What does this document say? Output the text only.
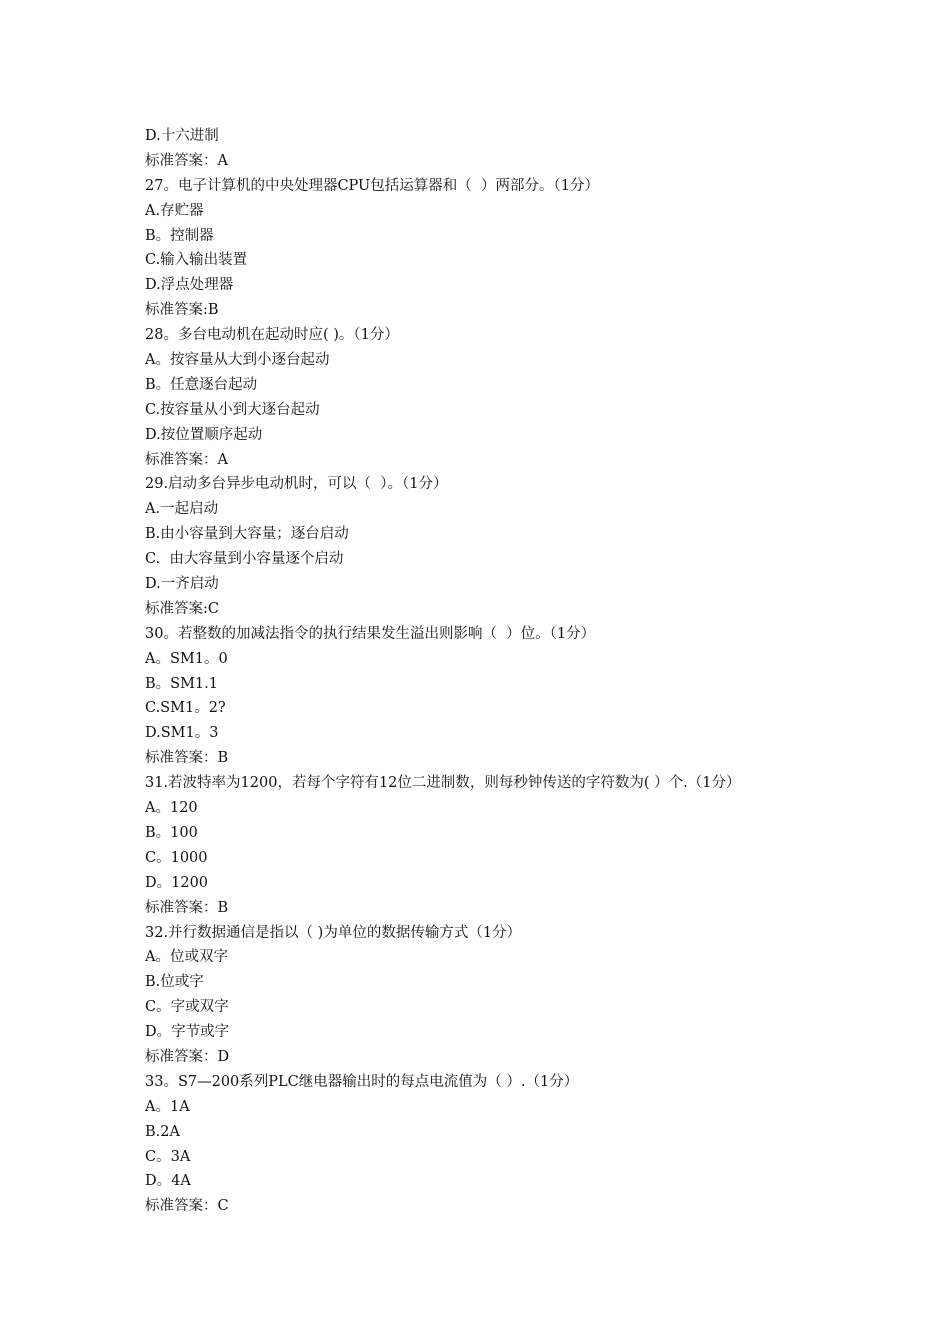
D.十六进制
标准答案：A
27。电子计算机的中央处理器CPU包括运算器和（  ）两部分。（1分）
A.存贮器
B。控制器
C.输入输出装置
D.浮点处理器
标准答案:B
28。多台电动机在起动时应( )。（1分）
A。按容量从大到小逐台起动
B。任意逐台起动
C.按容量从小到大逐台起动
D.按位置顺序起动
标准答案：A
29.启动多台异步电动机时，可以（  ）。（1分）
A.一起启动
B.由小容量到大容量；逐台启动
C.  由大容量到小容量逐个启动
D.一齐启动
标准答案:C
30。若整数的加减法指令的执行结果发生溢出则影响（  ）位。（1分）
A。SM1。0
B。SM1.1
C.SM1。2?
D.SM1。3
标准答案：B
31.若波特率为1200，若每个字符有12位二进制数，则每秒钟传送的字符数为( ）个.（1分）
A。120
B。100
C。1000
D。1200
标准答案：B
32.并行数据通信是指以（ )为单位的数据传输方式（1分）
A。位或双字
B.位或字
C。字或双字
D。字节或字
标准答案：D
33。S7—200系列PLC继电器输出时的每点电流值为（ ）.（1分）
A。1A
B.2A
C。3A
D。4A
标准答案：C
